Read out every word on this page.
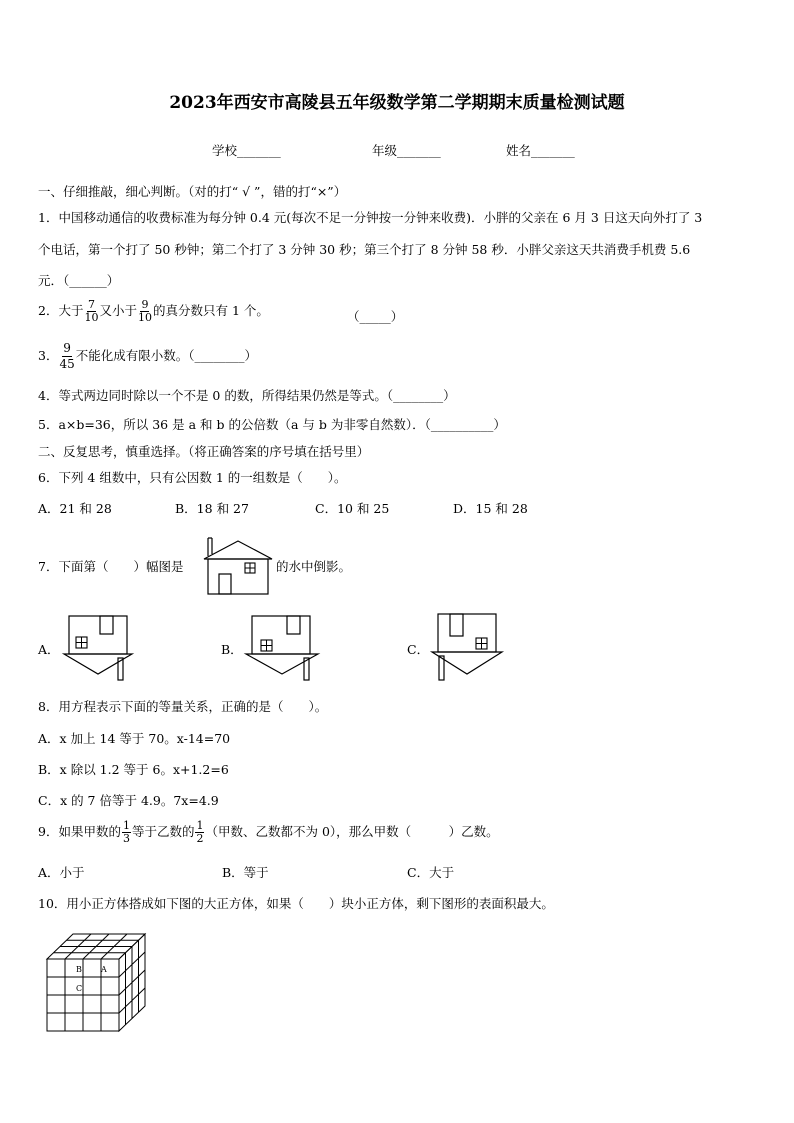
2023年西安市高陵县五年级数学第二学期期末质量检测试题
学校_______	年级_______	姓名_______
一、仔细推敲，细心判断。（对的打“ √ ”，错的打“×”）
1．中国移动通信的收费标准为每分钟 0.4 元(每次不足一分钟按一分钟来收费)．小胖的父亲在 6 月 3 日这天向外打了 3
个电话，第一个打了 50 秒钟；第二个打了 3 分钟 30 秒；第三个打了 8 分钟 58 秒．小胖父亲这天共消费手机费 5.6
元．（______）
2．大于 $\frac{7}{10}$ 又小于 $\frac{9}{10}$ 的真分数只有 1 个。	（_____）
3． $\frac{9}{45}$ 不能化成有限小数。（________）
4．等式两边同时除以一个不是 0 的数，所得结果仍然是等式。（________）
5．a×b=36，所以 36 是 a 和 b 的公倍数（a 与 b 为非零自然数）．（__________）
二、反复思考，慎重选择。（将正确答案的序号填在括号里）
6．下列 4 组数中，只有公因数 1 的一组数是（　　）。
A．21 和 28	B．18 和 27	C．10 和 25	D．15 和 28
7．下面第（　　）幅图是	的水中倒影。
A．	B．	C．
8．用方程表示下面的等量关系，正确的是（　　）。
A．x 加上 14 等于 70。x-14=70
B．x 除以 1.2 等于 6。x+1.2=6
C．x 的 7 倍等于 4.9。7x=4.9
9．如果甲数的 $\frac{1}{3}$ 等于乙数的 $\frac{1}{2}$ （甲数、乙数都不为 0），那么甲数（　　　）乙数。
A．小于	B．等于	C．大于
10．用小正方体搭成如下图的大正方体，如果（　　）块小正方体，剩下图形的表面积最大。
B A
C
